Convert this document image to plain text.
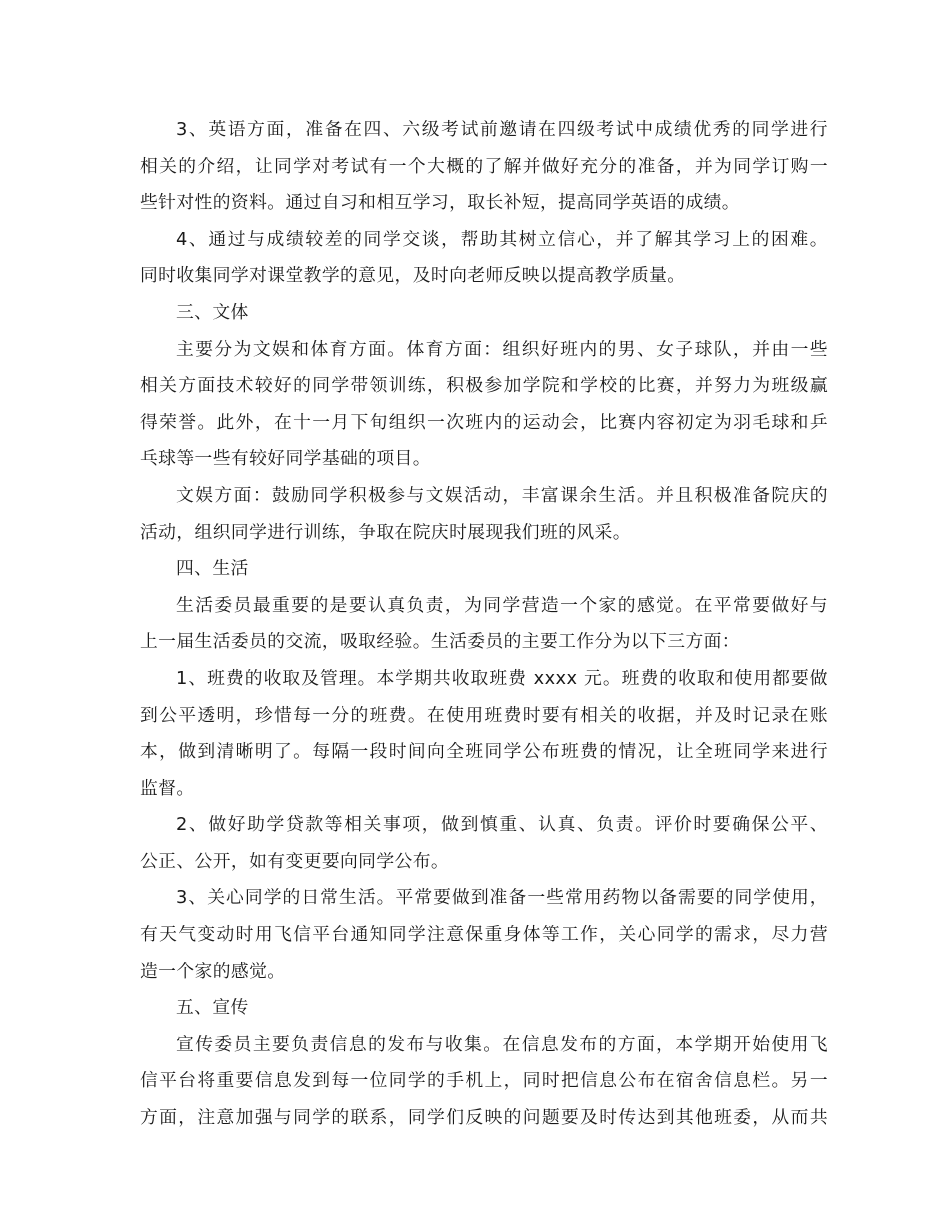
3、英语方面，准备在四、六级考试前邀请在四级考试中成绩优秀的同学进行
相关的介绍，让同学对考试有一个大概的了解并做好充分的准备，并为同学订购一
些针对性的资料。通过自习和相互学习，取长补短，提高同学英语的成绩。
4、通过与成绩较差的同学交谈，帮助其树立信心，并了解其学习上的困难。
同时收集同学对课堂教学的意见，及时向老师反映以提高教学质量。
三、文体
主要分为文娱和体育方面。体育方面：组织好班内的男、女子球队，并由一些
相关方面技术较好的同学带领训练，积极参加学院和学校的比赛，并努力为班级赢
得荣誉。此外，在十一月下旬组织一次班内的运动会，比赛内容初定为羽毛球和乒
乓球等一些有较好同学基础的项目。
文娱方面：鼓励同学积极参与文娱活动，丰富课余生活。并且积极准备院庆的
活动，组织同学进行训练，争取在院庆时展现我们班的风采。
四、生活
生活委员最重要的是要认真负责，为同学营造一个家的感觉。在平常要做好与
上一届生活委员的交流，吸取经验。生活委员的主要工作分为以下三方面：
1、班费的收取及管理。本学期共收取班费 xxxx 元。班费的收取和使用都要做
到公平透明，珍惜每一分的班费。在使用班费时要有相关的收据，并及时记录在账
本，做到清晰明了。每隔一段时间向全班同学公布班费的情况，让全班同学来进行
监督。
2、做好助学贷款等相关事项，做到慎重、认真、负责。评价时要确保公平、
公正、公开，如有变更要向同学公布。
3、关心同学的日常生活。平常要做到准备一些常用药物以备需要的同学使用，
有天气变动时用飞信平台通知同学注意保重身体等工作，关心同学的需求，尽力营
造一个家的感觉。
五、宣传
宣传委员主要负责信息的发布与收集。在信息发布的方面，本学期开始使用飞
信平台将重要信息发到每一位同学的手机上，同时把信息公布在宿舍信息栏。另一
方面，注意加强与同学的联系，同学们反映的问题要及时传达到其他班委，从而共
